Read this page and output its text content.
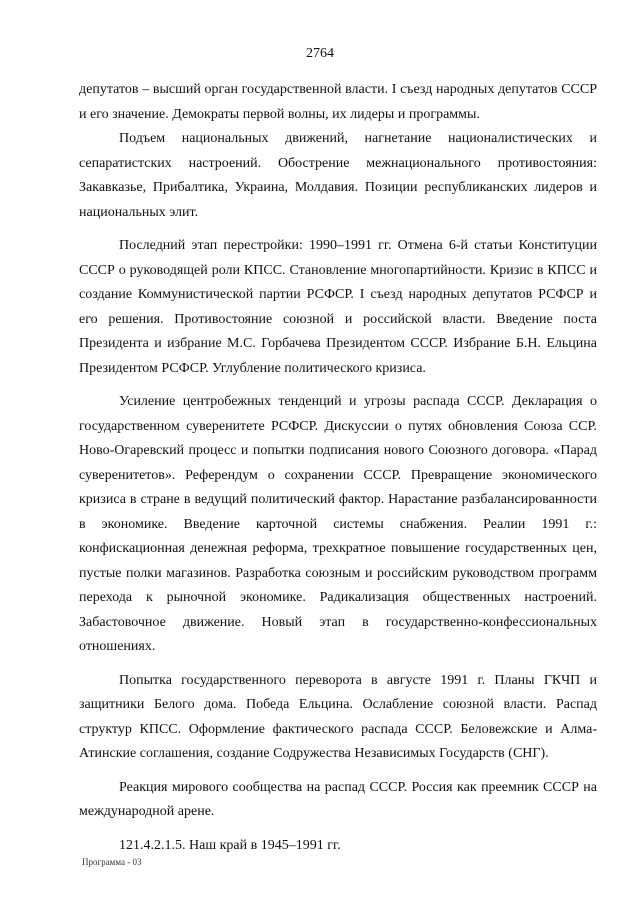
2764

депутатов – высший орган государственной власти. I съезд народных депутатов СССР и его значение. Демократы первой волны, их лидеры и программы.

Подъем национальных движений, нагнетание националистических и сепаратистских настроений. Обострение межнационального противостояния: Закавказье, Прибалтика, Украина, Молдавия. Позиции республиканских лидеров и национальных элит.

Последний этап перестройки: 1990–1991 гг. Отмена 6-й статьи Конституции СССР о руководящей роли КПСС. Становление многопартийности. Кризис в КПСС и создание Коммунистической партии РСФСР. I съезд народных депутатов РСФСР и его решения. Противостояние союзной и российской власти. Введение поста Президента и избрание М.С. Горбачева Президентом СССР. Избрание Б.Н. Ельцина Президентом РСФСР. Углубление политического кризиса.

Усиление центробежных тенденций и угрозы распада СССР. Декларация о государственном суверенитете РСФСР. Дискуссии о путях обновления Союза ССР. Ново-Огаревский процесс и попытки подписания нового Союзного договора. «Парад суверенитетов». Референдум о сохранении СССР. Превращение экономического кризиса в стране в ведущий политический фактор. Нарастание разбалансированности в экономике. Введение карточной системы снабжения. Реалии 1991 г.: конфискационная денежная реформа, трехкратное повышение государственных цен, пустые полки магазинов. Разработка союзным и российским руководством программ перехода к рыночной экономике. Радикализация общественных настроений. Забастовочное движение. Новый этап в государственно-конфессиональных отношениях.

Попытка государственного переворота в августе 1991 г. Планы ГКЧП и защитники Белого дома. Победа Ельцина. Ослабление союзной власти. Распад структур КПСС. Оформление фактического распада СССР. Беловежские и Алма-Атинские соглашения, создание Содружества Независимых Государств (СНГ).

Реакция мирового сообщества на распад СССР. Россия как преемник СССР на международной арене.

121.4.2.1.5. Наш край в 1945–1991 гг.

Программа - 03
